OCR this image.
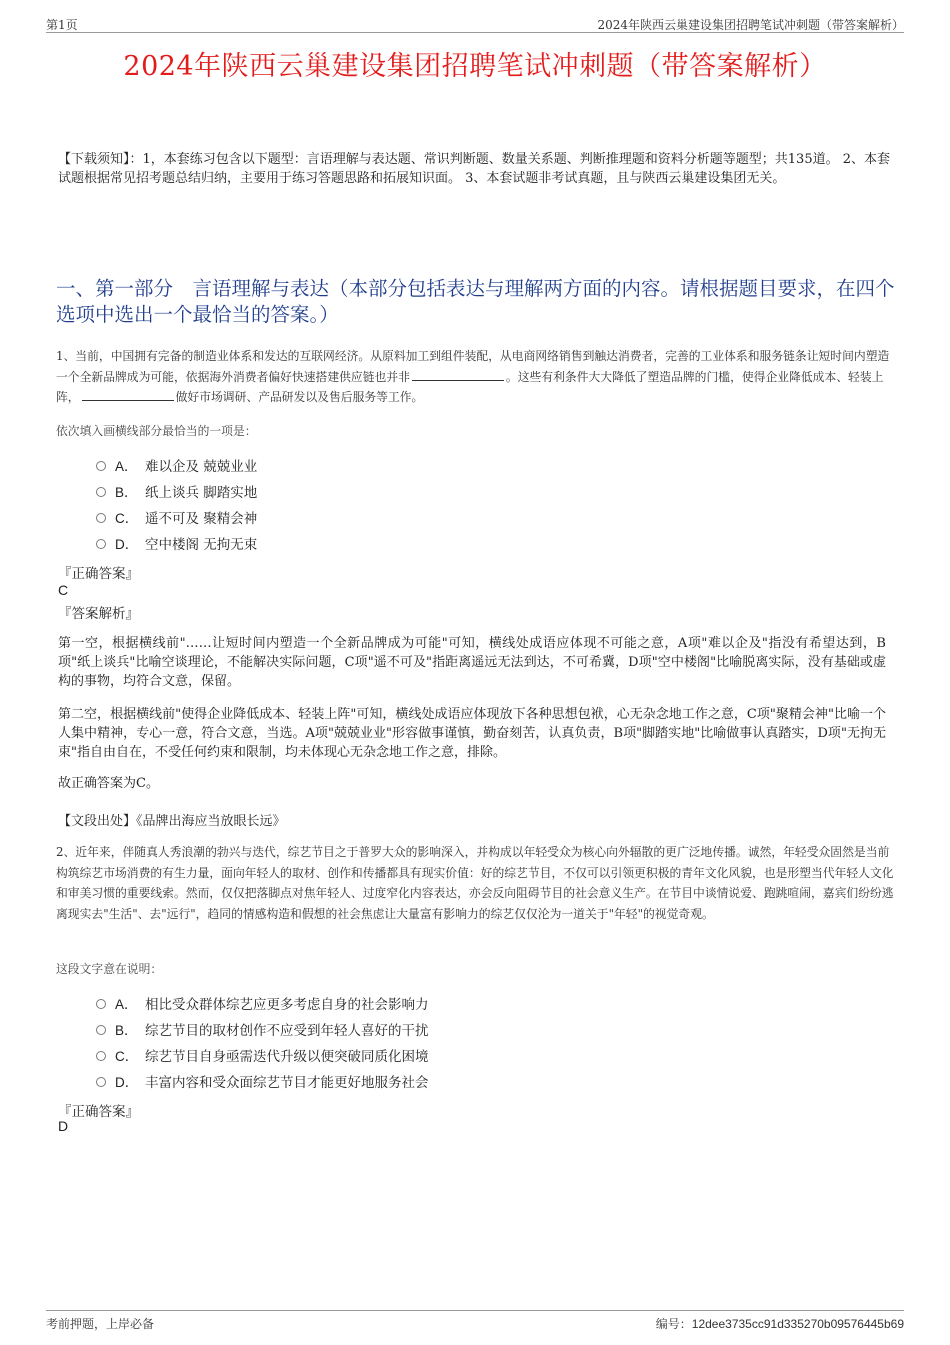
第1页	2024年陕西云巢建设集团招聘笔试冲刺题（带答案解析）
2024年陕西云巢建设集团招聘笔试冲刺题（带答案解析）
【下载须知】：1，本套练习包含以下题型：言语理解与表达题、常识判断题、数量关系题、判断推理题和资料分析题等题型；共135道。 2、本套试题根据常见招考题总结归纳，主要用于练习答题思路和拓展知识面。 3、本套试题非考试真题，且与陕西云巢建设集团无关。
一、第一部分　言语理解与表达（本部分包括表达与理解两方面的内容。请根据题目要求，在四个选项中选出一个最恰当的答案。）
1、当前，中国拥有完备的制造业体系和发达的互联网经济。从原料加工到组件装配，从电商网络销售到触达消费者，完善的工业体系和服务链条让短时间内塑造一个全新品牌成为可能，依据海外消费者偏好快速搭建供应链也并非	。这些有利条件大大降低了塑造品牌的门槛，使得企业降低成本、轻装上阵，	做好市场调研、产品研发以及售后服务等工作。
依次填入画横线部分最恰当的一项是：
A． 难以企及 兢兢业业
B． 纸上谈兵 脚踏实地
C． 遥不可及 聚精会神
D． 空中楼阁 无拘无束
『正确答案』
C
『答案解析』
第一空，根据横线前"……让短时间内塑造一个全新品牌成为可能"可知，横线处成语应体现不可能之意，A项"难以企及"指没有希望达到，B项"纸上谈兵"比喻空谈理论，不能解决实际问题，C项"遥不可及"指距离遥远无法到达，不可希冀，D项"空中楼阁"比喻脱离实际，没有基础或虚构的事物，均符合文意，保留。
第二空，根据横线前"使得企业降低成本、轻装上阵"可知，横线处成语应体现放下各种思想包袱，心无杂念地工作之意，C项"聚精会神"比喻一个人集中精神，专心一意，符合文意，当选。A项"兢兢业业"形容做事谨慎，勤奋刻苦，认真负责，B项"脚踏实地"比喻做事认真踏实，D项"无拘无束"指自由自在，不受任何约束和限制，均未体现心无杂念地工作之意，排除。
故正确答案为C。
【文段出处】《品牌出海应当放眼长远》
2、近年来，伴随真人秀浪潮的勃兴与迭代，综艺节目之于普罗大众的影响深入，并构成以年轻受众为核心向外辐散的更广泛地传播。诚然，年轻受众固然是当前构筑综艺市场消费的有生力量，面向年轻人的取材、创作和传播都具有现实价值：好的综艺节目，不仅可以引领更积极的青年文化风貌，也是形塑当代年轻人文化和审美习惯的重要线索。然而，仅仅把落脚点对焦年轻人、过度窄化内容表达，亦会反向阻碍节目的社会意义生产。在节目中谈情说爱、跑跳喧闹，嘉宾们纷纷逃离现实去"生活"、去"远行"，趋同的情感构造和假想的社会焦虑让大量富有影响力的综艺仅仅沦为一道关于"年轻"的视觉奇观。
这段文字意在说明：
A． 相比受众群体综艺应更多考虑自身的社会影响力
B． 综艺节目的取材创作不应受到年轻人喜好的干扰
C． 综艺节目自身亟需迭代升级以便突破同质化困境
D． 丰富内容和受众面综艺节目才能更好地服务社会
『正确答案』
D
考前押题，上岸必备	编号：12dee3735cc91d335270b09576445b69
